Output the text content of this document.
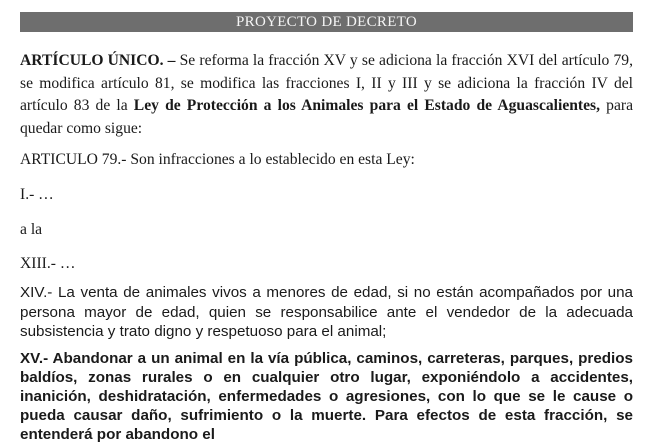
PROYECTO DE DECRETO
ARTÍCULO ÚNICO. – Se reforma la fracción XV y se adiciona la fracción XVI del artículo 79, se modifica artículo 81, se modifica las fracciones I, II y III y se adiciona la fracción IV del artículo 83 de la Ley de Protección a los Animales para el Estado de Aguascalientes, para quedar como sigue:
ARTICULO 79.- Son infracciones a lo establecido en esta Ley:
I.- …
a la
XIII.- …
XIV.- La venta de animales vivos a menores de edad, si no están acompañados por una persona mayor de edad, quien se responsabilice ante el vendedor de la adecuada subsistencia y trato digno y respetuoso para el animal;
XV.- Abandonar a un animal en la vía pública, caminos, carreteras, parques, predios baldíos, zonas rurales o en cualquier otro lugar, exponiéndolo a accidentes, inanición, deshidratación, enfermedades o agresiones, con lo que se le cause o pueda causar daño, sufrimiento o la muerte. Para efectos de esta fracción, se entenderá por abandono el
